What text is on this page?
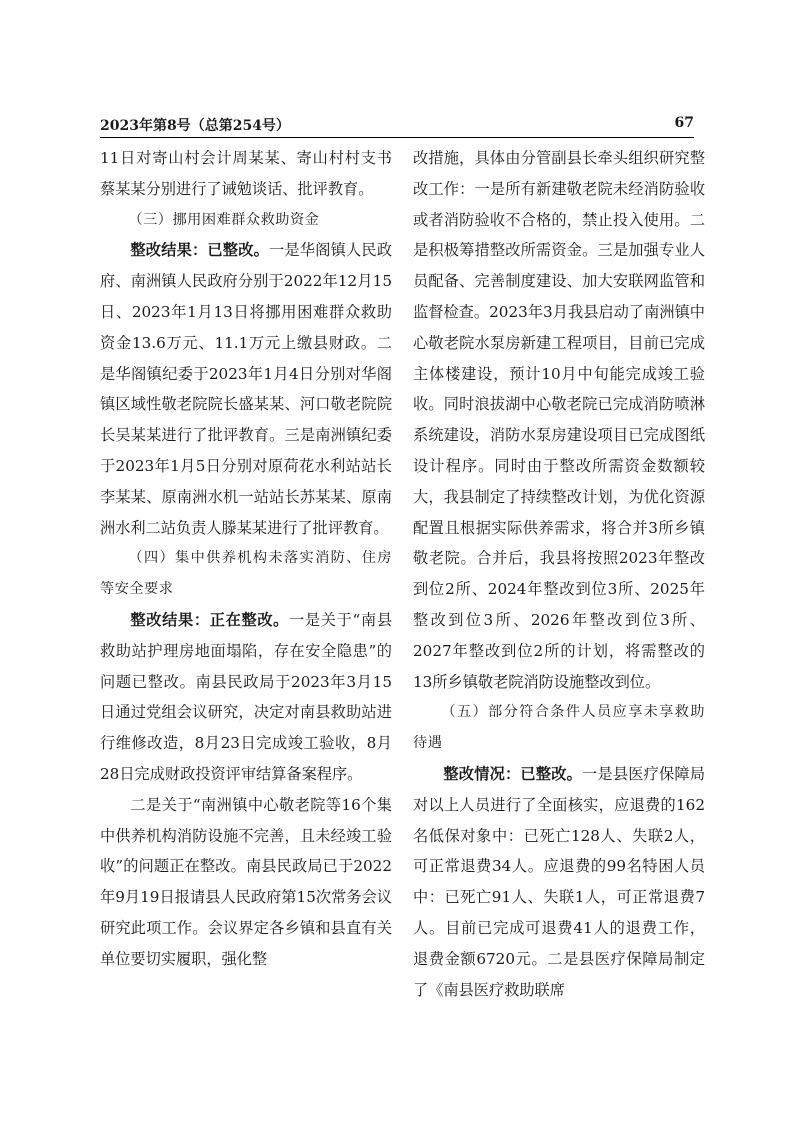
2023年第8号（总第254号）	67

11日对寄山村会计周某某、寄山村村支书蔡某某分别进行了诫勉谈话、批评教育。

（三）挪用困难群众救助资金

整改结果：已整改。一是华阁镇人民政府、南洲镇人民政府分别于2022年12月15日、2023年1月13日将挪用困难群众救助资金13.6万元、11.1万元上缴县财政。二是华阁镇纪委于2023年1月4日分别对华阁镇区域性敬老院院长盛某某、河口敬老院院长吴某某进行了批评教育。三是南洲镇纪委于2023年1月5日分别对原荷花水利站站长李某某、原南洲水机一站站长苏某某、原南洲水利二站负责人滕某某进行了批评教育。

（四）集中供养机构未落实消防、住房等安全要求

整改结果：正在整改。一是关于“南县救助站护理房地面塌陷，存在安全隐患”的问题已整改。南县民政局于2023年3月15日通过党组会议研究，决定对南县救助站进行维修改造，8月23日完成竣工验收，8月28日完成财政投资评审结算备案程序。

二是关于“南洲镇中心敬老院等16个集中供养机构消防设施不完善，且未经竣工验收”的问题正在整改。南县民政局已于2022年9月19日报请县人民政府第15次常务会议研究此项工作。会议界定各乡镇和县直有关单位要切实履职，强化整

改措施，具体由分管副县长牵头组织研究整改工作：一是所有新建敬老院未经消防验收或者消防验收不合格的，禁止投入使用。二是积极筹措整改所需资金。三是加强专业人员配备、完善制度建设、加大安联网监管和监督检查。2023年3月我县启动了南洲镇中心敬老院水泵房新建工程项目，目前已完成主体楼建设，预计10月中旬能完成竣工验收。同时浪拔湖中心敬老院已完成消防喷淋系统建设，消防水泵房建设项目已完成图纸设计程序。同时由于整改所需资金数额较大，我县制定了持续整改计划，为优化资源配置且根据实际供养需求，将合并3所乡镇敬老院。合并后，我县将按照2023年整改到位2所、2024年整改到位3所、2025年整改到位3所、2026年整改到位3所、2027年整改到位2所的计划，将需整改的13所乡镇敬老院消防设施整改到位。

（五）部分符合条件人员应享未享救助待遇

整改情况：已整改。一是县医疗保障局对以上人员进行了全面核实，应退费的162名低保对象中：已死亡128人、失联2人，可正常退费34人。应退费的99名特困人员中：已死亡91人、失联1人，可正常退费7人。目前已完成可退费41人的退费工作，退费金额6720元。二是县医疗保障局制定了《南县医疗救助联席
